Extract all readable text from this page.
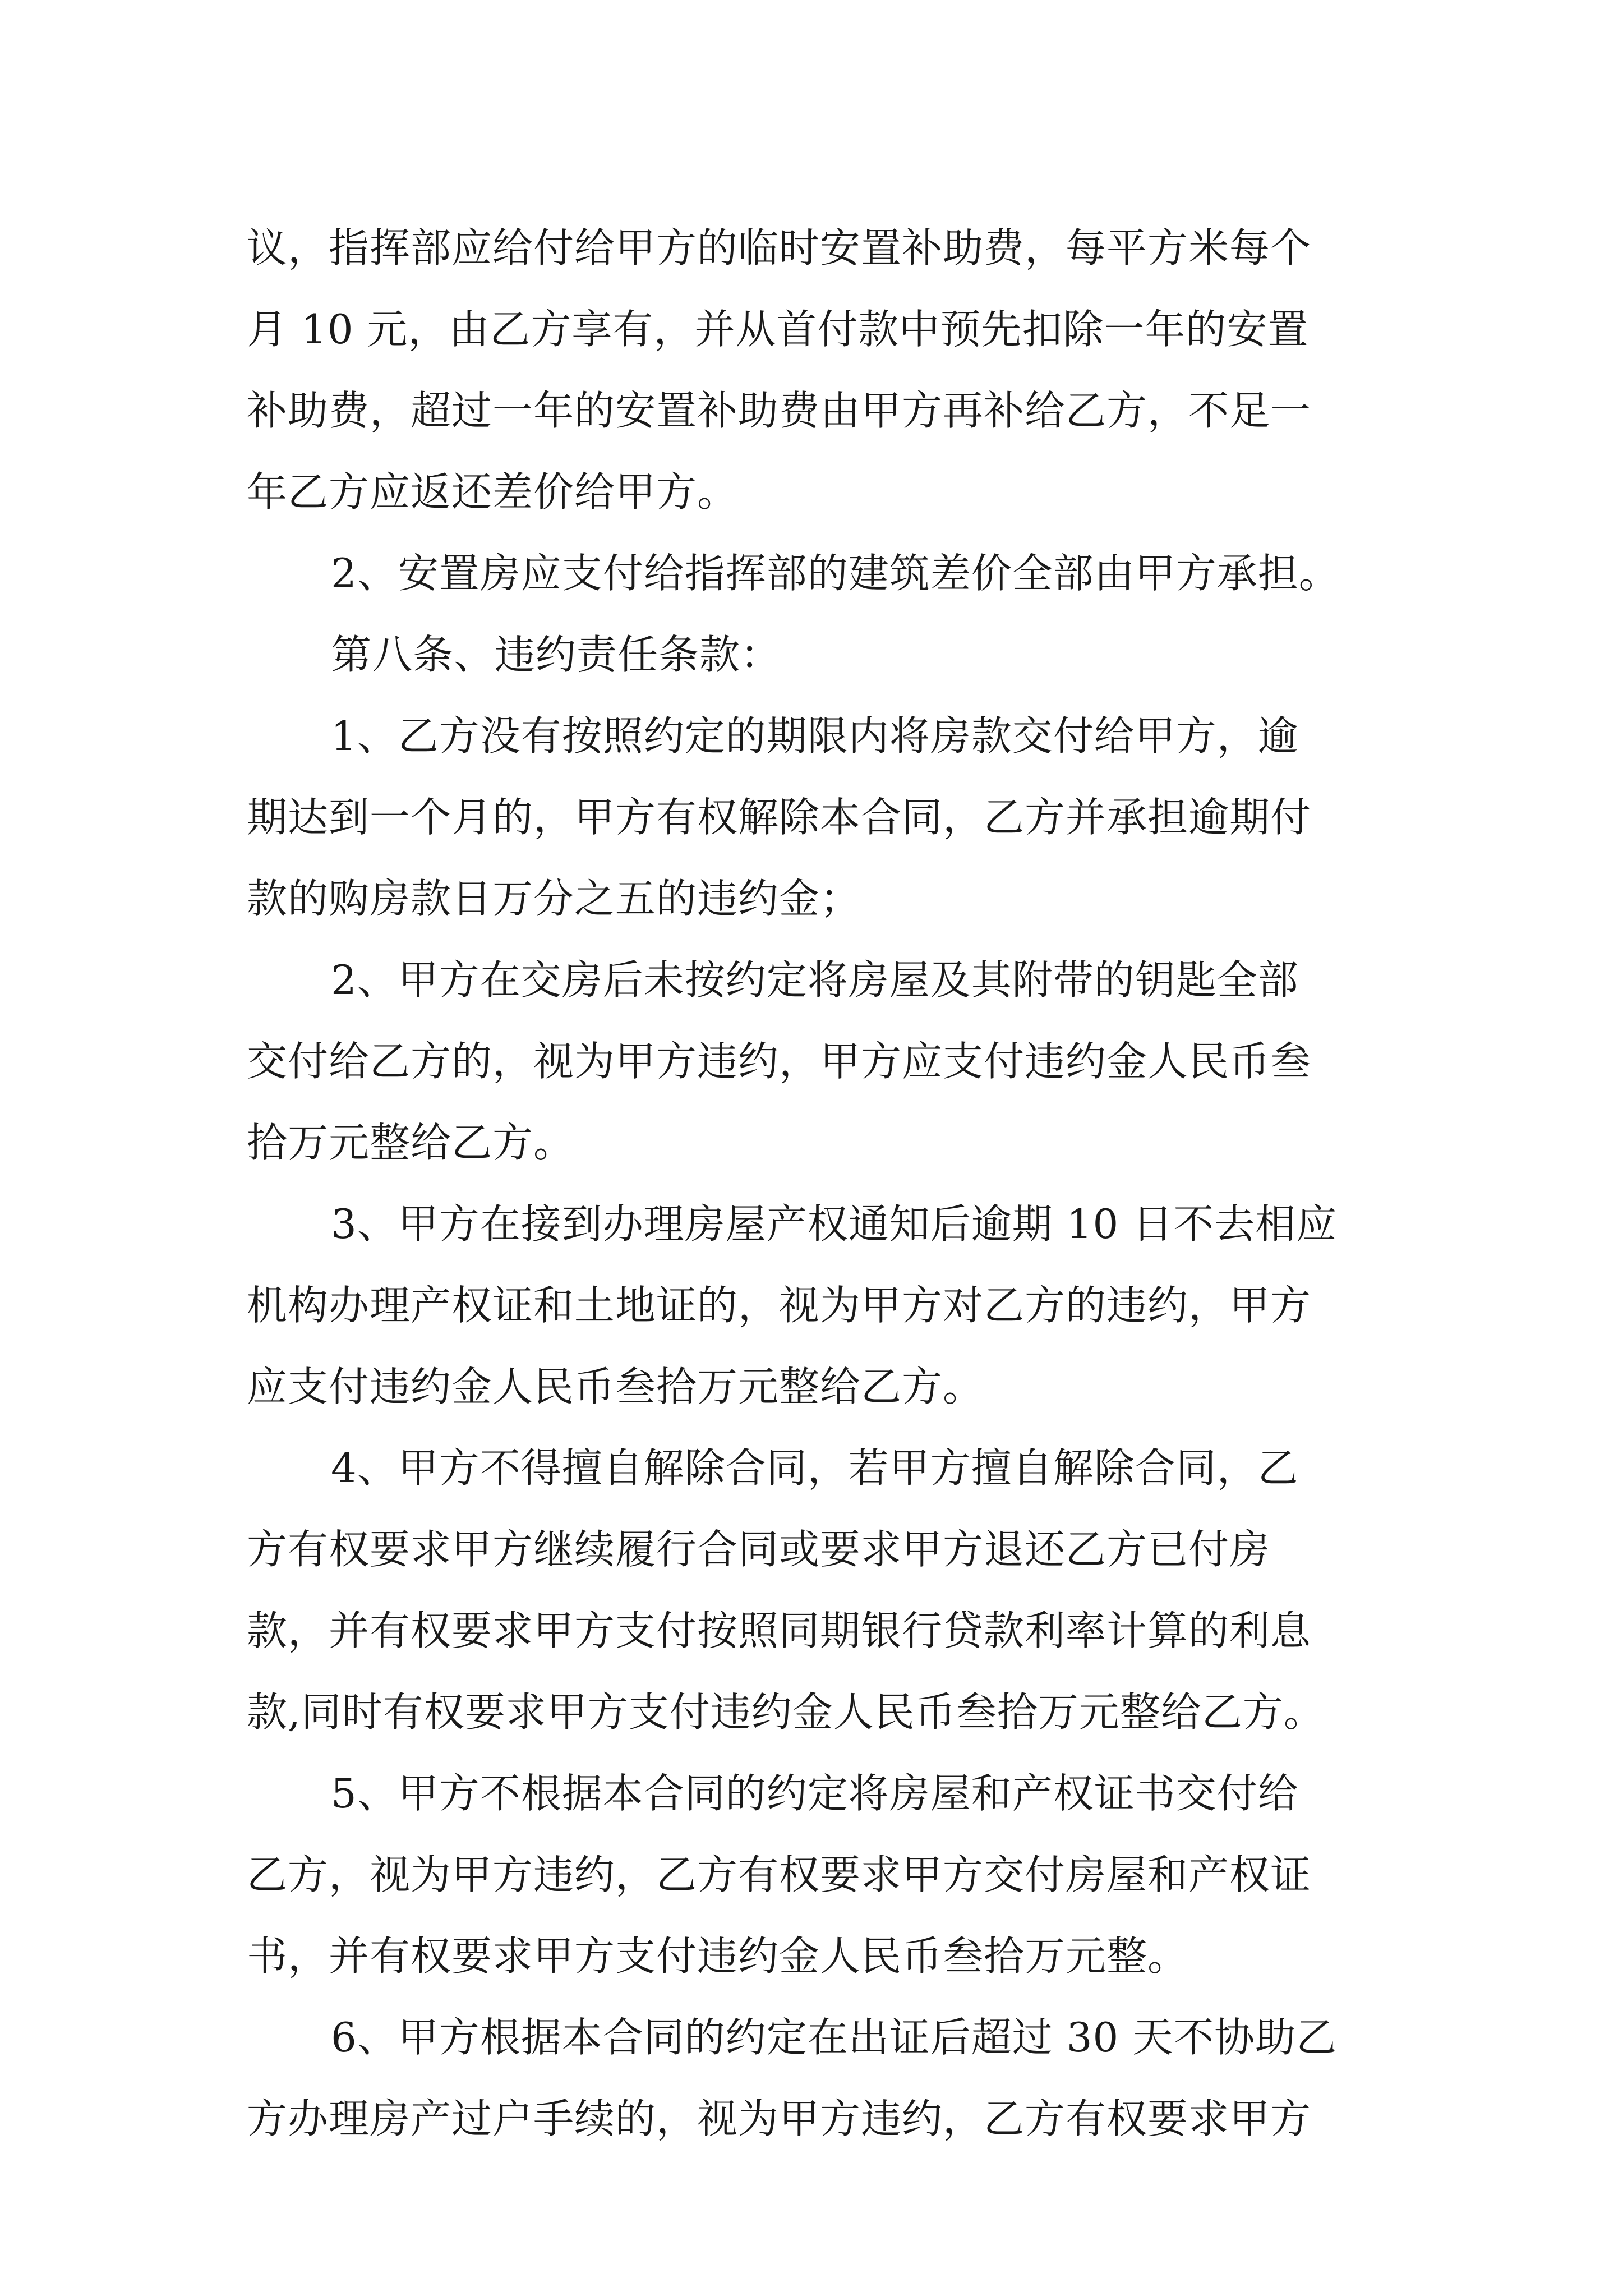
议，指挥部应给付给甲方的临时安置补助费，每平方米每个
月 10 元，由乙方享有，并从首付款中预先扣除一年的安置
补助费，超过一年的安置补助费由甲方再补给乙方，不足一
年乙方应返还差价给甲方。
2、安置房应支付给指挥部的建筑差价全部由甲方承担。
第八条、违约责任条款：
1、乙方没有按照约定的期限内将房款交付给甲方，逾
期达到一个月的，甲方有权解除本合同，乙方并承担逾期付
款的购房款日万分之五的违约金；
2、甲方在交房后未按约定将房屋及其附带的钥匙全部
交付给乙方的，视为甲方违约，甲方应支付违约金人民币叁
拾万元整给乙方。
3、甲方在接到办理房屋产权通知后逾期 10 日不去相应
机构办理产权证和土地证的，视为甲方对乙方的违约，甲方
应支付违约金人民币叁拾万元整给乙方。
4、甲方不得擅自解除合同，若甲方擅自解除合同，乙
方有权要求甲方继续履行合同或要求甲方退还乙方已付房
款，并有权要求甲方支付按照同期银行贷款利率计算的利息
款,同时有权要求甲方支付违约金人民币叁拾万元整给乙方。
5、甲方不根据本合同的约定将房屋和产权证书交付给
乙方，视为甲方违约，乙方有权要求甲方交付房屋和产权证
书，并有权要求甲方支付违约金人民币叁拾万元整。
6、甲方根据本合同的约定在出证后超过 30 天不协助乙
方办理房产过户手续的，视为甲方违约，乙方有权要求甲方
